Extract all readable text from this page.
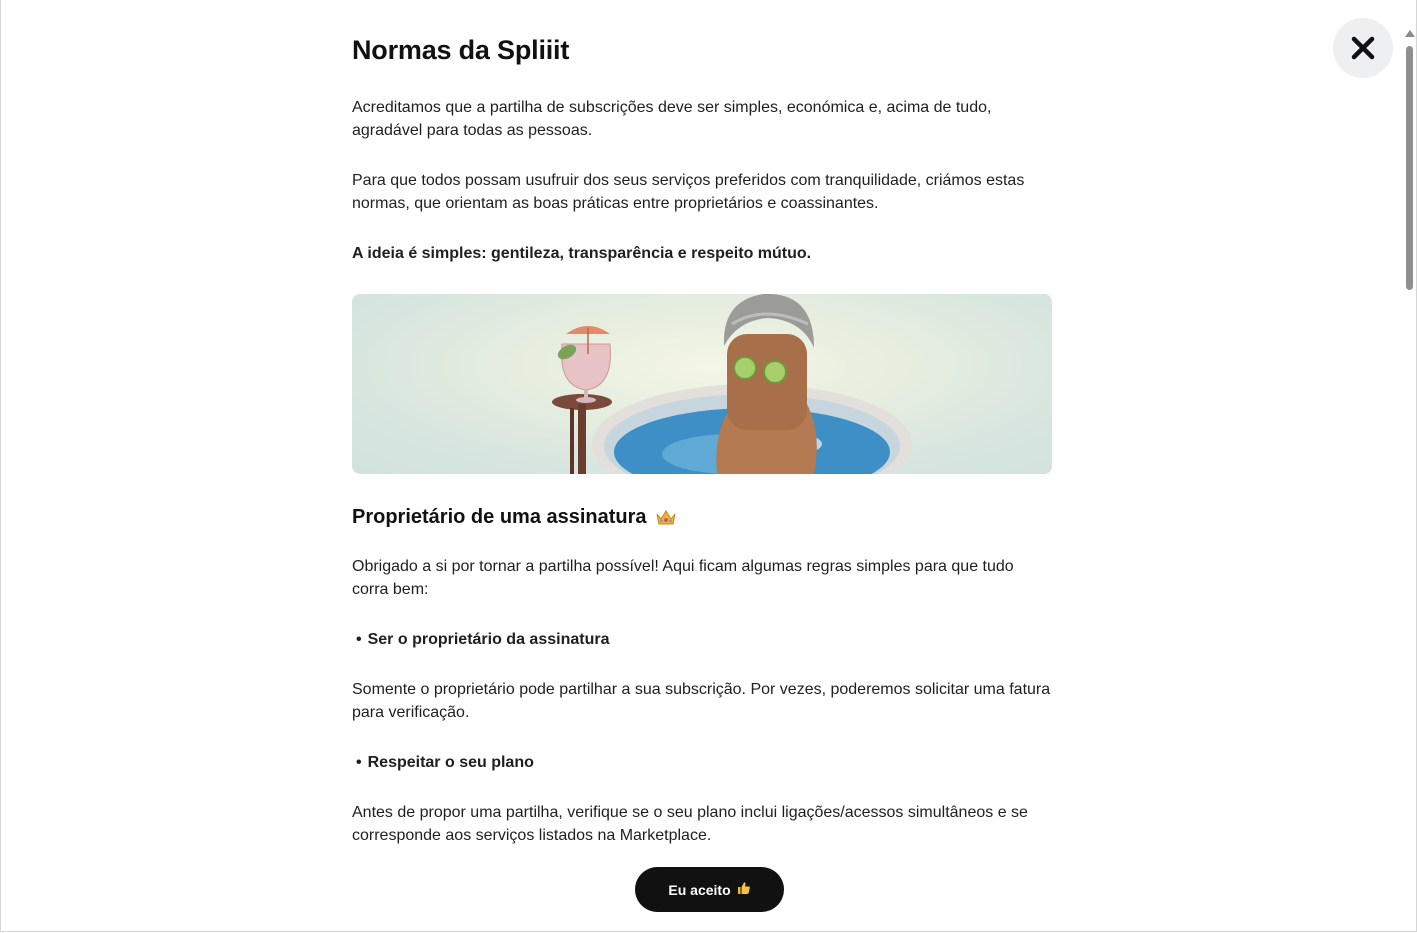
Normas da Spliiit

Acreditamos que a partilha de subscrições deve ser simples, económica e, acima de tudo, agradável para todas as pessoas.

Para que todos possam usufruir dos seus serviços preferidos com tranquilidade, criámos estas normas, que orientam as boas práticas entre proprietários e coassinantes.

A ideia é simples: gentileza, transparência e respeito mútuo.

Proprietário de uma assinatura

Obrigado a si por tornar a partilha possível! Aqui ficam algumas regras simples para que tudo corra bem:

• Ser o proprietário da assinatura

Somente o proprietário pode partilhar a sua subscrição. Por vezes, poderemos solicitar uma fatura para verificação.

• Respeitar o seu plano

Antes de propor uma partilha, verifique se o seu plano inclui ligações/acessos simultâneos e se corresponde aos serviços listados na Marketplace.

Eu aceito
